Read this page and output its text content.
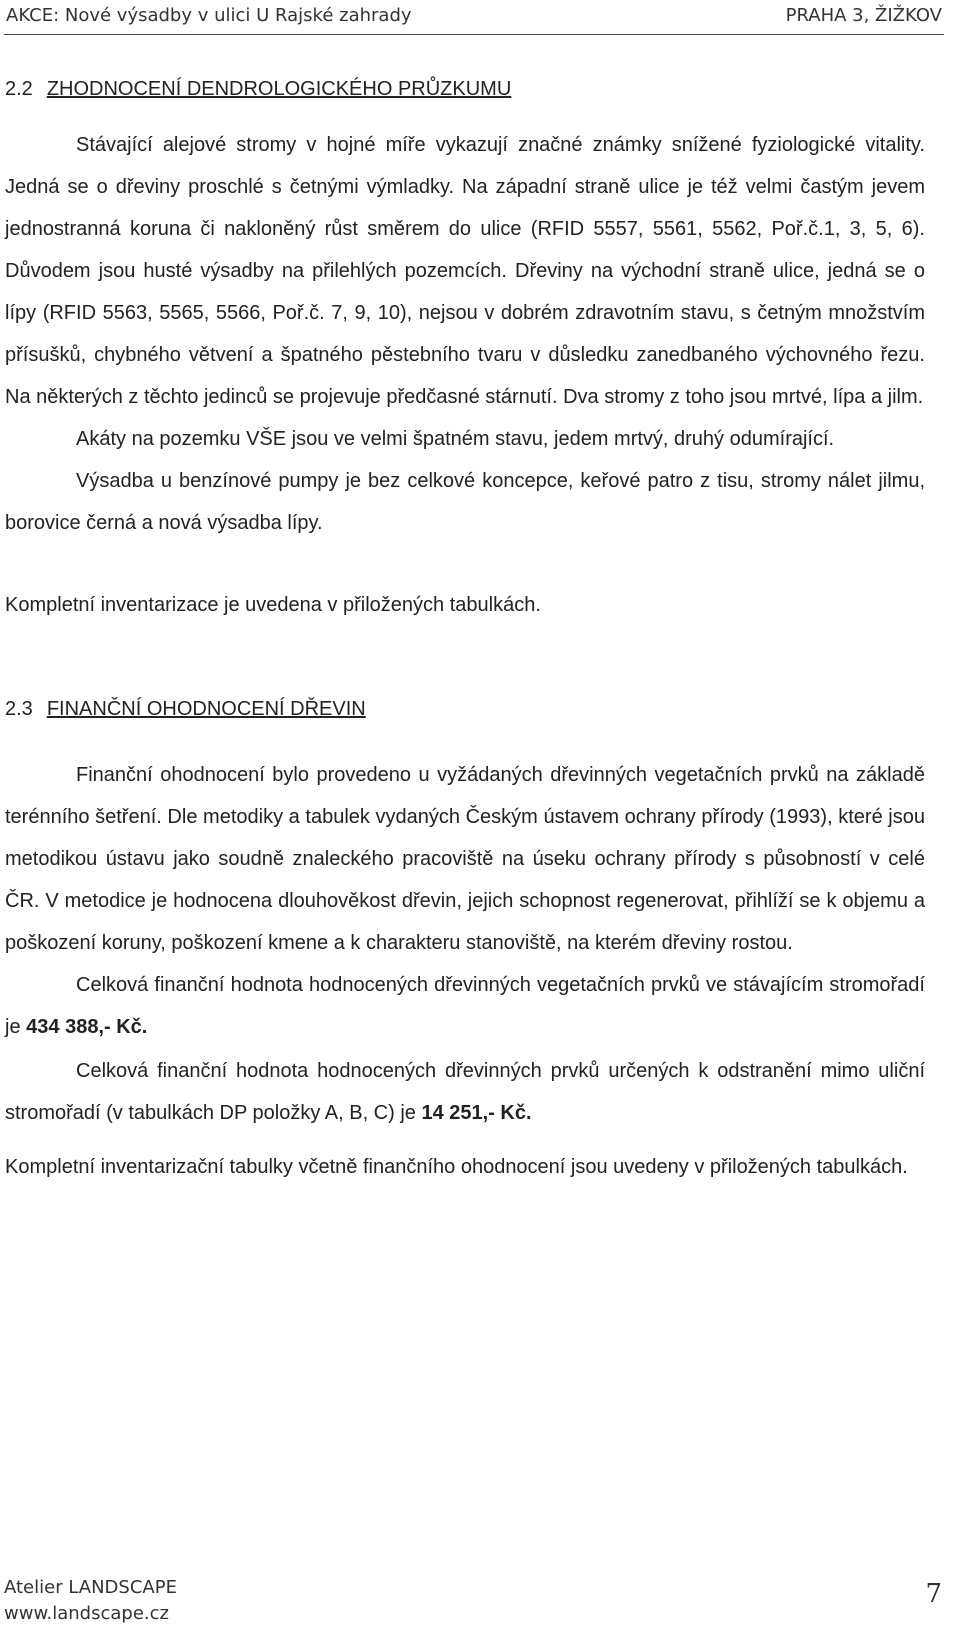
AKCE: Nové výsadby v ulici U Rajské zahrady	PRAHA 3, ŽIŽKOV
2.2 ZHODNOCENÍ DENDROLOGICKÉHO PRŮZKUMU

Stávající alejové stromy v hojné míře vykazují značné známky snížené fyziologické vitality. Jedná se o dřeviny proschlé s četnými výmladky. Na západní straně ulice je též velmi častým jevem jednostranná koruna či nakloněný růst směrem do ulice (RFID 5557, 5561, 5562, Poř.č.1, 3, 5, 6). Důvodem jsou husté výsadby na přilehlých pozemcích. Dřeviny na východní straně ulice, jedná se o lípy (RFID 5563, 5565, 5566, Poř.č. 7, 9, 10), nejsou v dobrém zdravotním stavu, s četným množstvím přísušků, chybného větvení a špatného pěstebního tvaru v důsledku zanedbaného výchovného řezu. Na některých z těchto jedinců se projevuje předčasné stárnutí. Dva stromy z toho jsou mrtvé, lípa a jilm.

Akáty na pozemku VŠE jsou ve velmi špatném stavu, jedem mrtvý, druhý odumírající.

Výsadba u benzínové pumpy je bez celkové koncepce, keřové patro z tisu, stromy nálet jilmu, borovice černá a nová výsadba lípy.

Kompletní inventarizace je uvedena v přiložených tabulkách.

2.3 FINANČNÍ OHODNOCENÍ DŘEVIN

Finanční ohodnocení bylo provedeno u vyžádaných dřevinných vegetačních prvků na základě terénního šetření. Dle metodiky a tabulek vydaných Českým ústavem ochrany přírody (1993), které jsou metodikou ústavu jako soudně znaleckého pracoviště na úseku ochrany přírody s působností v celé ČR. V metodice je hodnocena dlouhověkost dřevin, jejich schopnost regenerovat, přihlíží se k objemu a poškození koruny, poškození kmene a k charakteru stanoviště, na kterém dřeviny rostou.

Celková finanční hodnota hodnocených dřevinných vegetačních prvků ve stávajícím stromořadí je 434 388,- Kč.

Celková finanční hodnota hodnocených dřevinných prvků určených k odstranění mimo uliční stromořadí (v tabulkách DP položky A, B, C) je 14 251,- Kč.

Kompletní inventarizační tabulky včetně finančního ohodnocení jsou uvedeny v přiložených tabulkách.

Atelier LANDSCAPE
www.landscape.cz
7
